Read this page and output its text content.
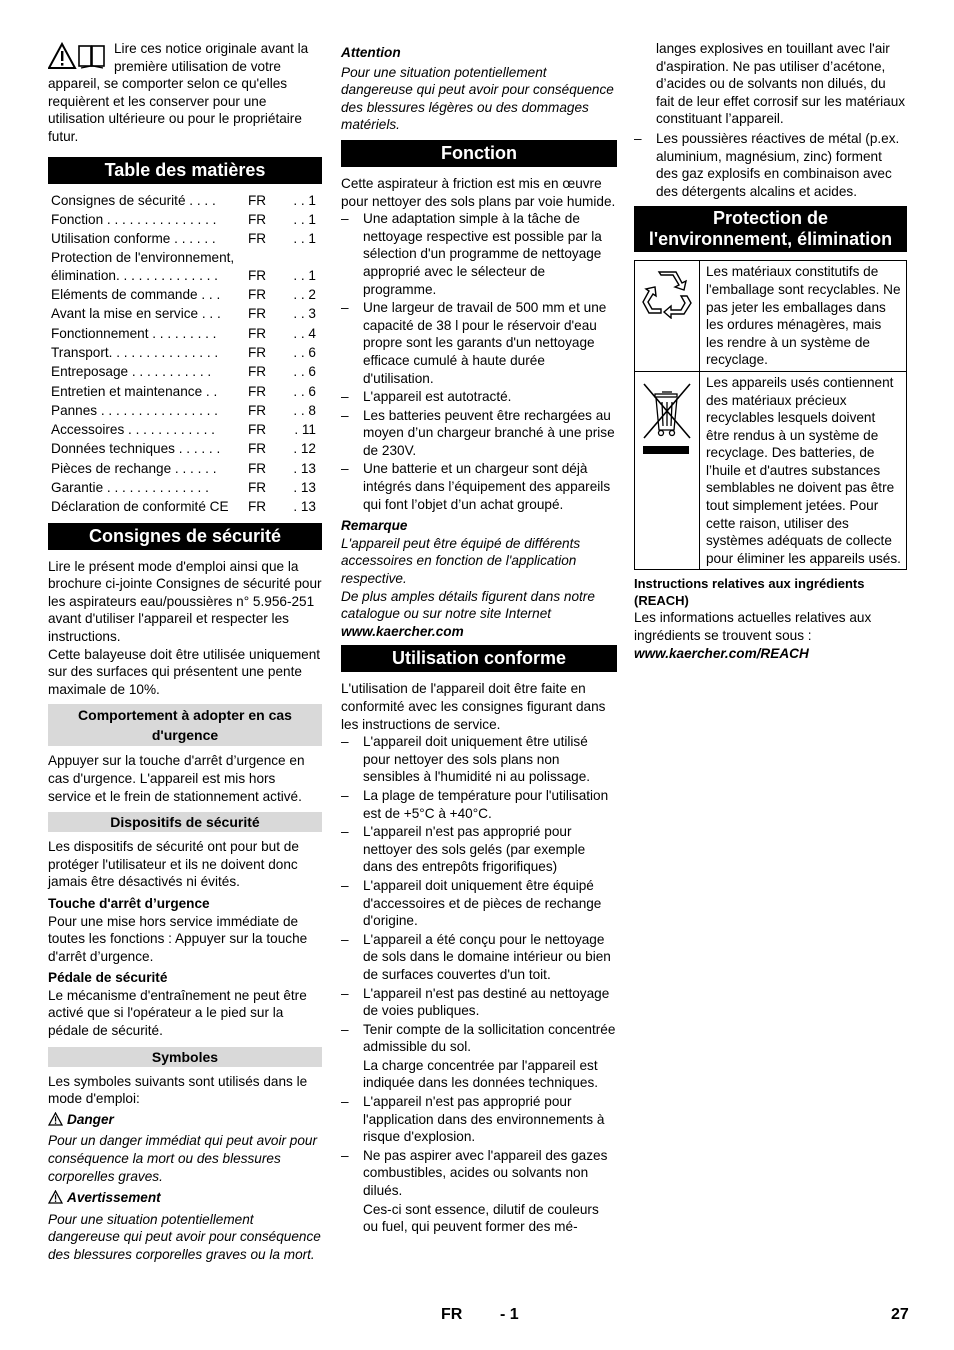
Lire ces notice originale avant la première utilisation de votre appareil, se comporter selon ce qu'elles requièrent et les conserver pour une utilisation ultérieure ou pour le propriétaire futur.

Table des matières
Consignes de sécurité . . . .	FR	. . 1
Fonction . . . . . . . . . . . . . . .	FR	. . 1
Utilisation conforme . . . . . .	FR	. . 1
Protection de l'environnement, élimination. . . . . . . . . . . . . .	FR	. . 1
Eléments de commande . . .	FR	. . 2
Avant la mise en service . . .	FR	. . 3
Fonctionnement . . . . . . . . .	FR	. . 4
Transport. . . . . . . . . . . . . . .	FR	. . 6
Entreposage . . . . . . . . . . .	FR	. . 6
Entretien et maintenance . .	FR	. . 6
Pannes . . . . . . . . . . . . . . . .	FR	. . 8
Accessoires . . . . . . . . . . . .	FR	. 11
Données techniques . . . . . .	FR	. 12
Pièces de rechange . . . . . .	FR	. 13
Garantie . . . . . . . . . . . . . .	FR	. 13
Déclaration de conformité CE	FR	. 13
Consignes de sécurité

Lire le présent mode d'emploi ainsi que la brochure ci-jointe Consignes de sécurité pour les aspirateurs eau/poussières n° 5.956-251 avant d'utiliser l'appareil et respecter les instructions.

Cette balayeuse doit être utilisée uniquement sur des surfaces qui présentent une pente maximale de 10%.

Comportement à adopter en cas d'urgence

Appuyer sur la touche d'arrêt d’urgence en cas d'urgence. L'appareil est mis hors service et le frein de stationnement activé.

Dispositifs de sécurité

Les dispositifs de sécurité ont pour but de protéger l'utilisateur et ils ne doivent donc jamais être désactivés ni évités.

Touche d'arrêt d’urgence

Pour une mise hors service immédiate de toutes les fonctions : Appuyer sur la touche d'arrêt d’urgence.

Pédale de sécurité

Le mécanisme d'entraînement ne peut être activé que si l'opérateur a le pied sur la pédale de sécurité.

Symboles

Les symboles suivants sont utilisés dans le mode d'emploi:

Danger

Pour un danger immédiat qui peut avoir pour conséquence la mort ou des blessures corporelles graves.

Avertissement

Pour une situation potentiellement dangereuse qui peut avoir pour conséquence des blessures corporelles graves ou la mort.

Attention

Pour une situation potentiellement dangereuse qui peut avoir pour conséquence des blessures légères ou des dommages matériels.

Fonction

Cette aspirateur à friction est mis en œuvre pour nettoyer des sols plans par voie humide.

– Une adaptation simple à la tâche de nettoyage respective est possible par la sélection d'un programme de nettoyage approprié avec le sélecteur de programme.

– Une largeur de travail de 500 mm et une capacité de 38 l pour le réservoir d'eau propre sont les garants d'un nettoyage efficace cumulé à haute durée d'utilisation.

– L'appareil est autotracté.

– Les batteries peuvent être rechargées au moyen d’un chargeur branché à une prise de 230V.

– Une batterie et un chargeur sont déjà intégrés dans l’équipement des appareils qui font l’objet d’un achat groupé.

Remarque

L'appareil peut être équipé de différents accessoires en fonction de l'application respective.

De plus amples détails figurent dans notre catalogue ou sur notre site Internet

www.kaercher.com

Utilisation conforme

L'utilisation de l'appareil doit être faite en conformité avec les consignes figurant dans les instructions de service.

– L'appareil doit uniquement être utilisé pour nettoyer des sols plans non sensibles à l'humidité ni au polissage.

– La plage de température pour l'utilisation est de +5°C à +40°C.

– L'appareil n'est pas approprié pour nettoyer des sols gelés (par exemple dans des entrepôts frigorifiques)

– L'appareil doit uniquement être équipé d'accessoires et de pièces de rechange d'origine.

– L'appareil a été conçu pour le nettoyage de sols dans le domaine intérieur ou bien de surfaces couvertes d'un toit.

– L'appareil n'est pas destiné au nettoyage de voies publiques.

– Tenir compte de la sollicitation concentrée admissible du sol.

La charge concentrée par l'appareil est indiquée dans les données techniques.

– L'appareil n'est pas approprié pour l'application dans des environnements à risque d'explosion.

– Ne pas aspirer avec l'appareil des gazes combustibles, acides ou solvants non dilués.

Ces-ci sont essence, dilutif de couleurs ou fuel, qui peuvent former des mé-

langes explosives en touillant avec l'air d'aspiration. Ne pas utiliser d’acétone, d’acides ou de solvants non dilués, du fait de leur effet corrosif sur les matériaux constituant l’appareil.

– Les poussières réactives de métal (p.ex. aluminium, magnésium, zinc) forment des gaz explosifs en combinaison avec des détergents alcalins et acides.

Protection de l'environnement, élimination
	Les matériaux constitutifs de l'emballage sont recyclables. Ne pas jeter les emballages dans les ordures ménagères, mais les rendre à un système de recyclage.
	Les appareils usés contiennent des matériaux précieux recyclables lesquels doivent être rendus à un système de recyclage. Des batteries, de l’huile et d'autres substances semblables ne doivent pas être tout simplement jetées. Pour cette raison, utiliser des systèmes adéquats de collecte pour éliminer les appareils usés.

Instructions relatives aux ingrédients (REACH)

Les informations actuelles relatives aux ingrédients se trouvent sous :

www.kaercher.com/REACH

FR - 1	27
